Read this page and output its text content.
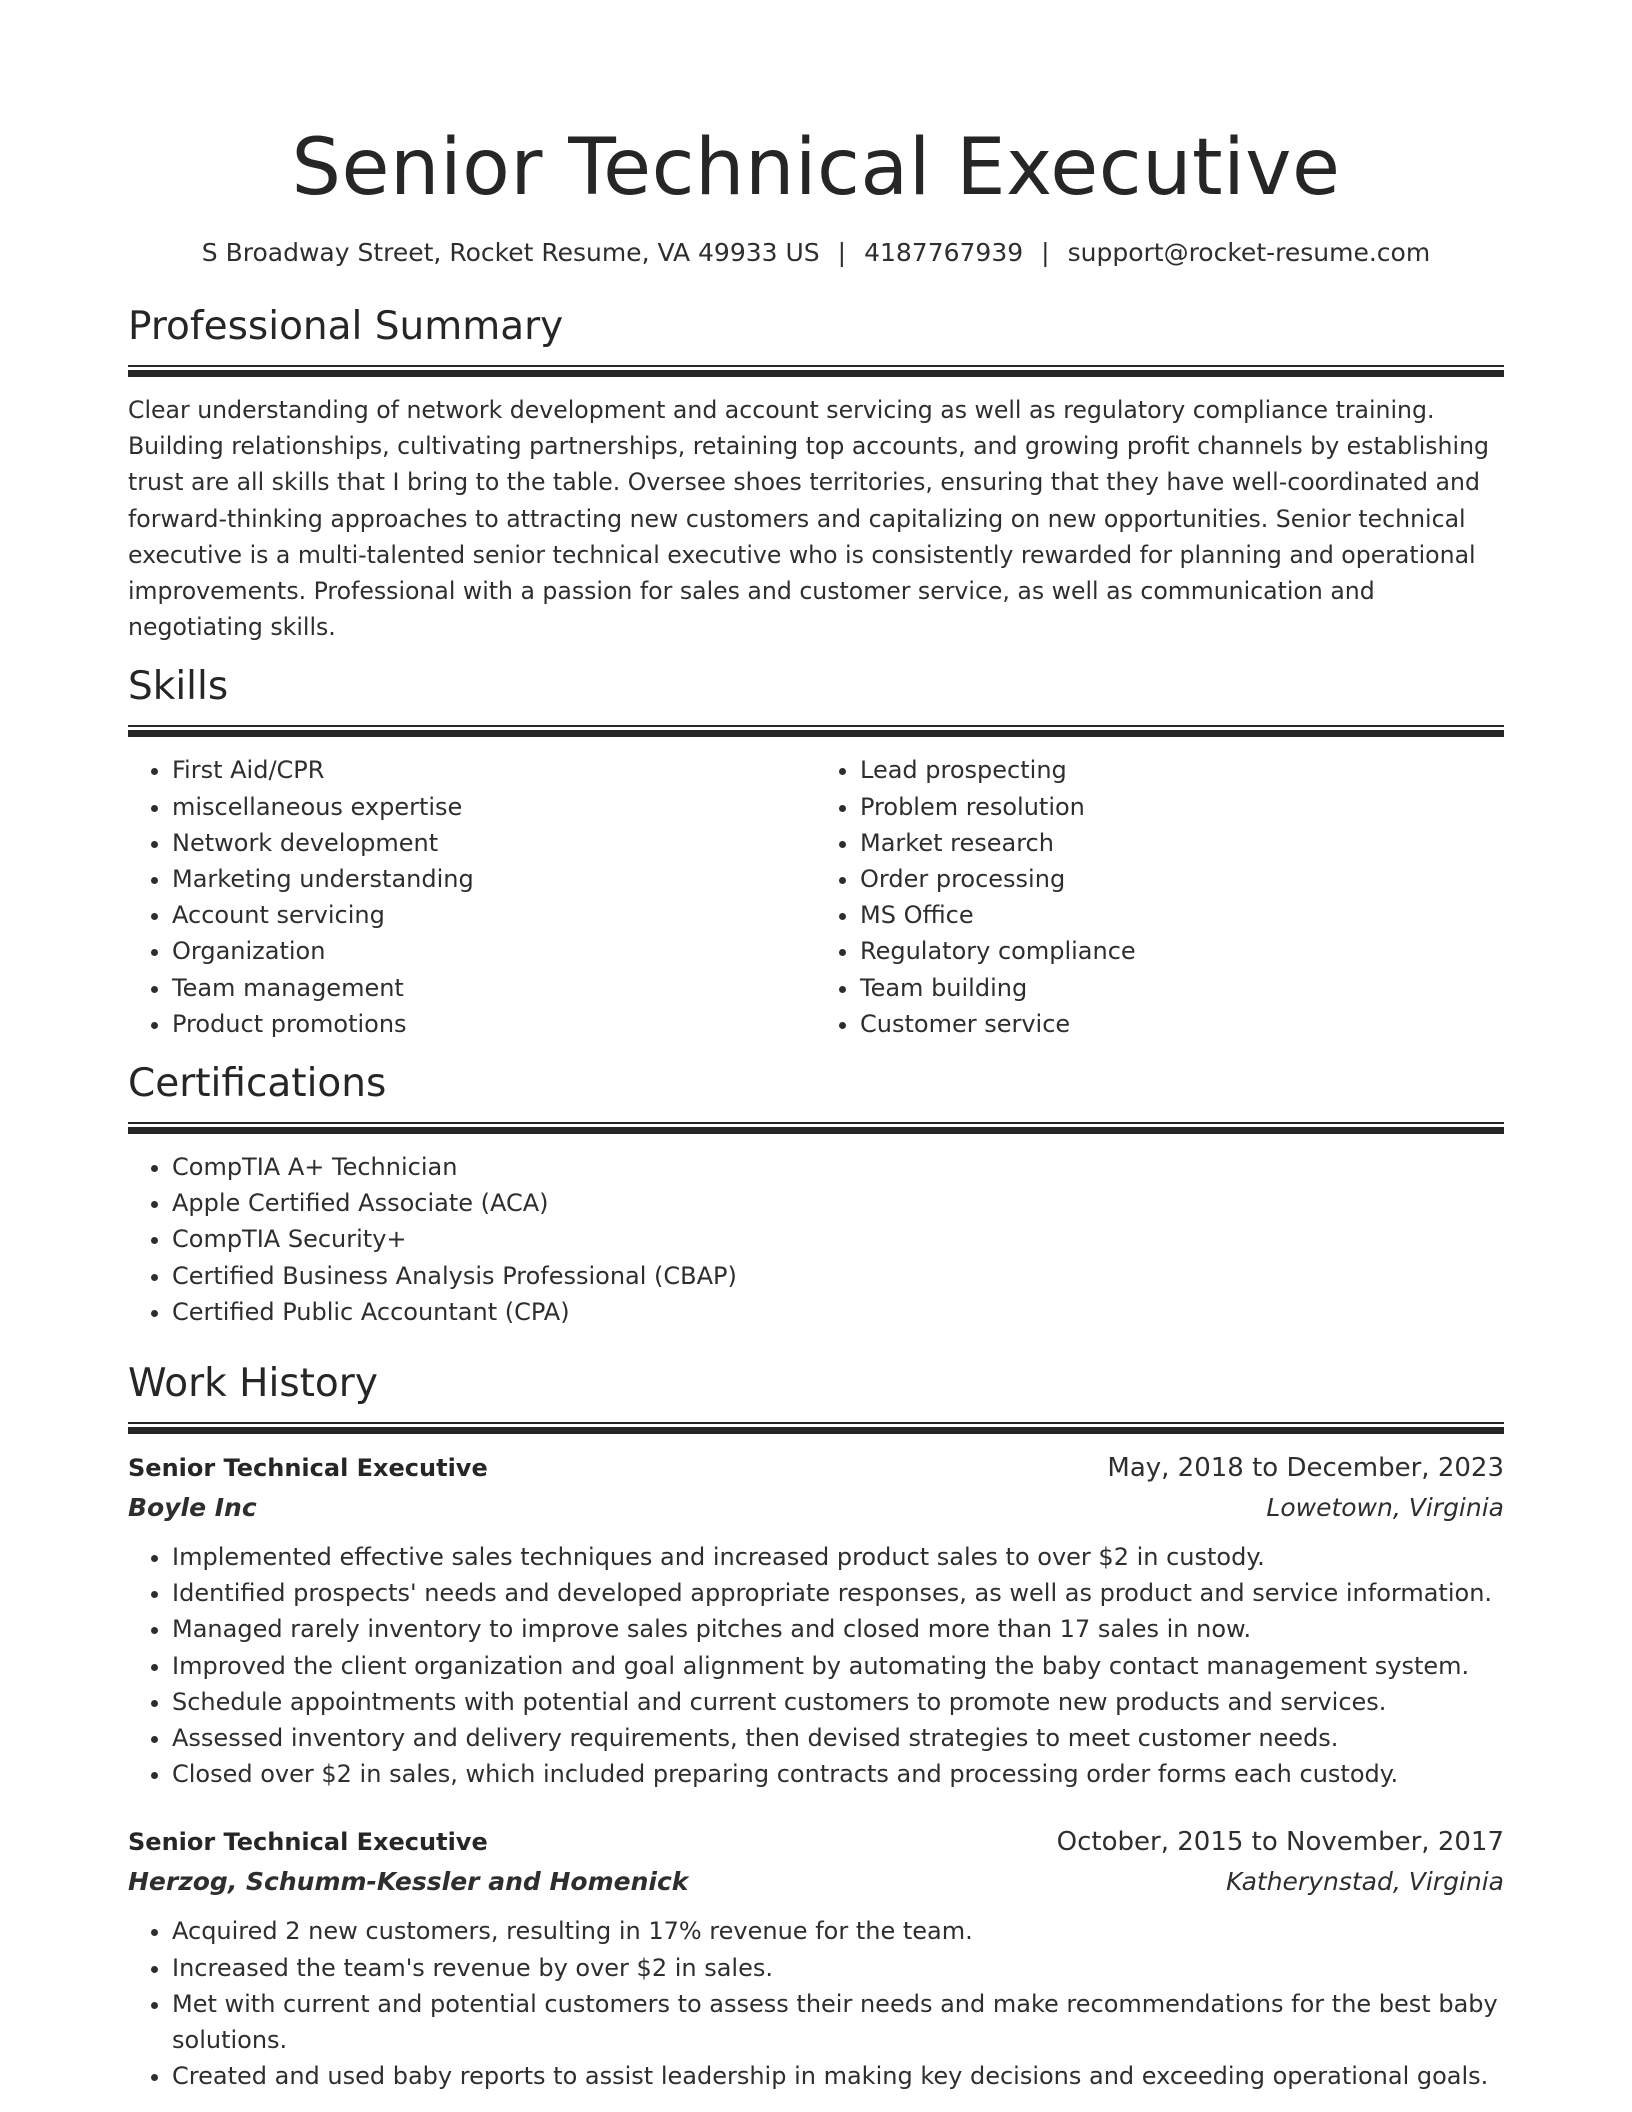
Senior Technical Executive
S Broadway Street, Rocket Resume, VA 49933 US | 4187767939 | support@rocket-resume.com
Professional Summary
Clear understanding of network development and account servicing as well as regulatory compliance training. Building relationships, cultivating partnerships, retaining top accounts, and growing profit channels by establishing trust are all skills that I bring to the table. Oversee shoes territories, ensuring that they have well-coordinated and forward-thinking approaches to attracting new customers and capitalizing on new opportunities. Senior technical executive is a multi-talented senior technical executive who is consistently rewarded for planning and operational improvements. Professional with a passion for sales and customer service, as well as communication and negotiating skills.
Skills
• First Aid/CPR
• miscellaneous expertise
• Network development
• Marketing understanding
• Account servicing
• Organization
• Team management
• Product promotions
• Lead prospecting
• Problem resolution
• Market research
• Order processing
• MS Office
• Regulatory compliance
• Team building
• Customer service
Certifications
• CompTIA A+ Technician
• Apple Certified Associate (ACA)
• CompTIA Security+
• Certified Business Analysis Professional (CBAP)
• Certified Public Accountant (CPA)
Work History
Senior Technical Executive	May, 2018 to December, 2023
Boyle Inc	Lowetown, Virginia
• Implemented effective sales techniques and increased product sales to over $2 in custody.
• Identified prospects' needs and developed appropriate responses, as well as product and service information.
• Managed rarely inventory to improve sales pitches and closed more than 17 sales in now.
• Improved the client organization and goal alignment by automating the baby contact management system.
• Schedule appointments with potential and current customers to promote new products and services.
• Assessed inventory and delivery requirements, then devised strategies to meet customer needs.
• Closed over $2 in sales, which included preparing contracts and processing order forms each custody.
Senior Technical Executive	October, 2015 to November, 2017
Herzog, Schumm-Kessler and Homenick	Katherynstad, Virginia
• Acquired 2 new customers, resulting in 17% revenue for the team.
• Increased the team's revenue by over $2 in sales.
• Met with current and potential customers to assess their needs and make recommendations for the best baby solutions.
• Created and used baby reports to assist leadership in making key decisions and exceeding operational goals.
